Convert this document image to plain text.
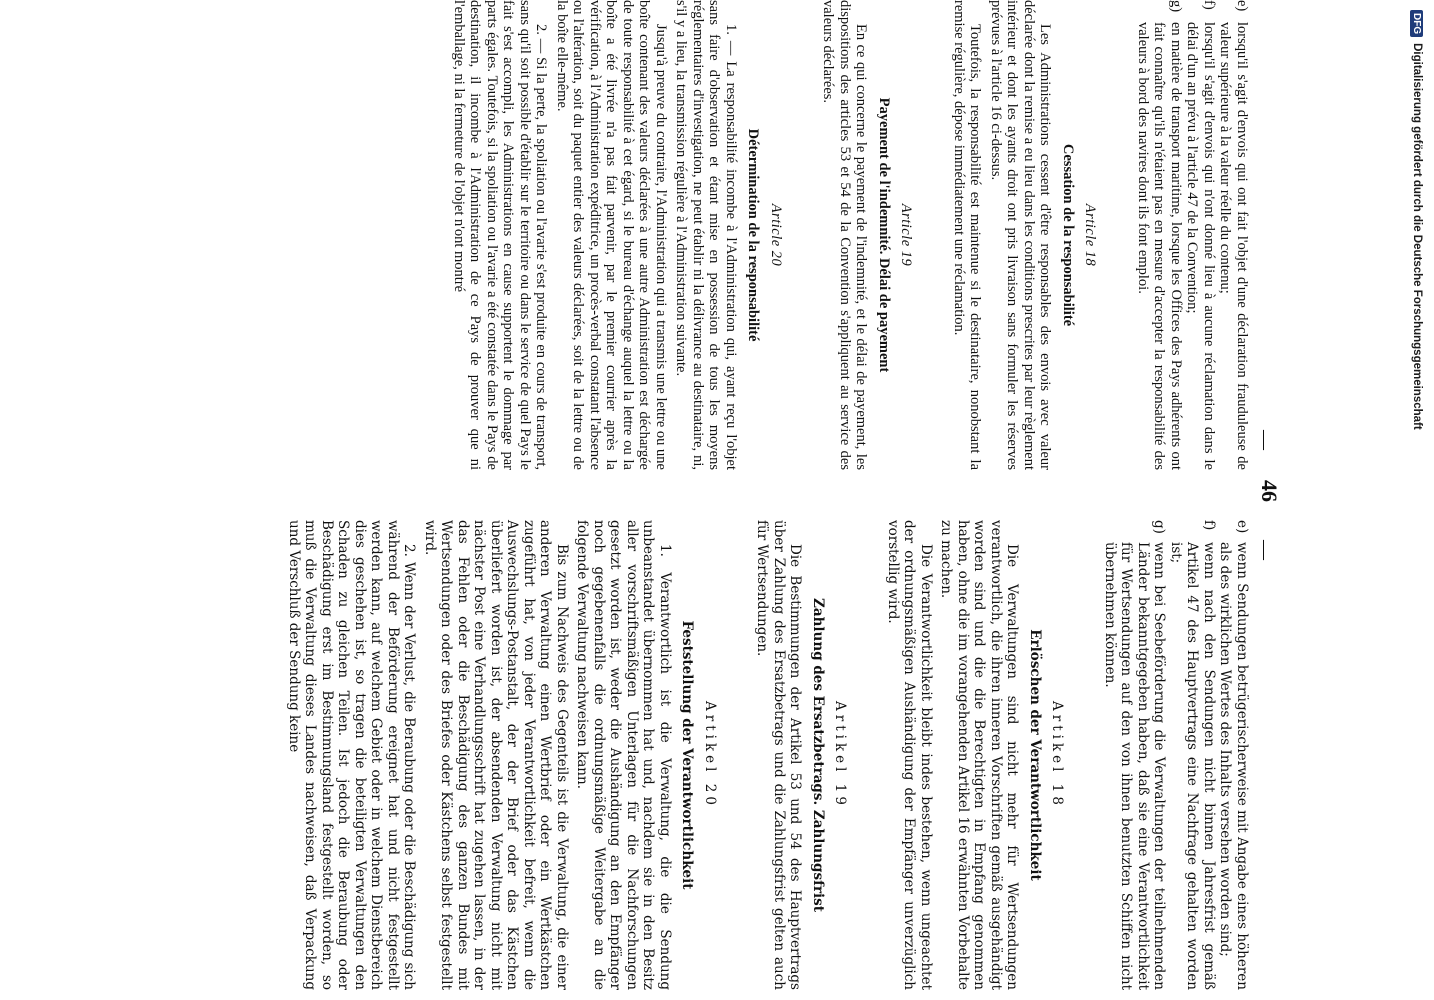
—
46
—
e)
lorsqu'il s'agit d'envois qui ont fait l'objet d'une déclaration frauduleuse de valeur supérieure à la valeur réelle du contenu;
f)
lorsqu'il s'agit d'envois qui n'ont donné lieu à aucune réclamation dans le délai d'un an prévu à l'article 47 de la Convention;
g)
en matière de transport maritime, lorsque les Offices des Pays adhérents ont fait connaître qu'ils n'étaient pas en mesure d'accepter la responsabilité des valeurs à bord des navires dont ils font emploi.
Article 18
Cessation de la responsabilité

Les Administrations cessent d'être responsables des envois avec valeur déclarée dont la remise a eu lieu dans les conditions prescrites par leur règlement intérieur et dont les ayants droit ont pris livraison sans formuler les réserves prévues à l'article 16 ci-dessus.

Toutefois, la responsabilité est maintenue si le destinataire, nonobstant la remise régulière, dépose immédiatement une réclamation.

Article 19
Payement de l'indemnité. Délai de payement

En ce qui concerne le payement de l'indemnité, et le délai de payement, les dispositions des articles 53 et 54 de la Convention s'appliquent au service des valeurs déclarées.

Article 20
Détermination de la responsabilité

1. — La responsabilité incombe à l'Administration qui, ayant reçu l'objet sans faire d'observation et étant mise en possession de tous les moyens réglementaires d'investigation, ne peut établir ni la délivrance au destinataire, ni, s'il y a lieu, la transmission régulière à l'Administration suivante.

Jusqu'à preuve du contraire, l'Administration qui a transmis une lettre ou une boîte contenant des valeurs déclarées à une autre Administration est déchargée de toute responsabilité à cet égard, si le bureau d'échange auquel la lettre ou la boîte a été livrée n'a pas fait parvenir, par le premier courrier après la vérification, à l'Administration expéditrice, un procès-verbal constatant l'absence ou l'altération, soit du paquet entier des valeurs déclarées, soit de la lettre ou de la boîte elle-même.

2. — Si la perte, la spoliation ou l'avarie s'est produite en cours de transport, sans qu'il soit possible d'établir sur le territoire ou dans le service de quel Pays le fait s'est accompli, les Administrations en cause supportent le dommage par parts égales. Toutefois, si la spoliation ou l'avarie a été constatée dans le Pays de destination, il incombe à l'Administration de ce Pays de prouver que ni l'emballage, ni la fermeture de l'objet n'ont montré

e)
wenn Sendungen betrügerischerweise mit Angabe eines höheren als des wirklichen Wertes des Inhalts versehen worden sind;
f)
wenn nach den Sendungen nicht binnen Jahresfrist gemäß Artikel 47 des Hauptvertrags eine Nachfrage gehalten worden ist;
g)
wenn bei Seebeförderung die Verwaltungen der teilnehmenden Länder bekanntgegeben haben, daß sie eine Verantwortlichkeit für Wertsendungen auf den von ihnen benutzten Schiffen nicht übernehmen können.
Artikel 18
Erlöschen der Verantwortlichkeit

Die Verwaltungen sind nicht mehr für Wertsendungen verantwortlich, die ihren inneren Vorschriften gemäß ausgehändigt worden sind und die die Berechtigten in Empfang genommen haben, ohne die im vorangehenden Artikel 16 erwähnten Vorbehalte zu machen.

Die Verantwortlichkeit bleibt indes bestehen, wenn ungeachtet der ordnungsmäßigen Aushändigung der Empfänger unverzüglich vorstellig wird.

Artikel 19
Zahlung des Ersatzbetrags. Zahlungsfrist

Die Bestimmungen der Artikel 53 und 54 des Hauptvertrags über Zahlung des Ersatzbetrags und die Zahlungsfrist gelten auch für Wertsendungen.

Artikel 20
Feststellung der Verantwortlichkeit

1. Verantwortlich ist die Verwaltung, die die Sendung unbeanstandet übernommen hat und, nachdem sie in den Besitz aller vorschriftsmäßigen Unterlagen für die Nachforschungen gesetzt worden ist, weder die Aushändigung an den Empfänger noch gegebenenfalls die ordnungsmäßige Weitergabe an die folgende Verwaltung nachweisen kann.

Bis zum Nachweis des Gegenteils ist die Verwaltung, die einer anderen Verwaltung einen Wertbrief oder ein Wertkästchen zugeführt hat, von jeder Verantwortlichkeit befreit, wenn die Auswechslungs-Postanstalt, der der Brief oder das Kästchen überliefert worden ist, der absendenden Verwaltung nicht mit nächster Post eine Verhandlungsschrift hat zugehen lassen, in der das Fehlen oder die Beschädigung des ganzen Bundes mit Wertsendungen oder des Briefes oder Kästchens selbst festgestellt wird.

2. Wenn der Verlust, die Beraubung oder die Beschädigung sich während der Beförderung ereignet hat und nicht festgestellt werden kann, auf welchem Gebiet oder in welchem Dienstbereich dies geschehen ist, so tragen die beteiligten Verwaltungen den Schaden zu gleichen Teilen. Ist jedoch die Beraubung oder Beschädigung erst im Bestimmungsland festgestellt worden, so muß die Verwaltung dieses Landes nachweisen, daß Verpackung und Verschluß der Sendung keine

DFG
Digitalisierung gefördert durch die Deutsche Forschungsgemeinschaft
